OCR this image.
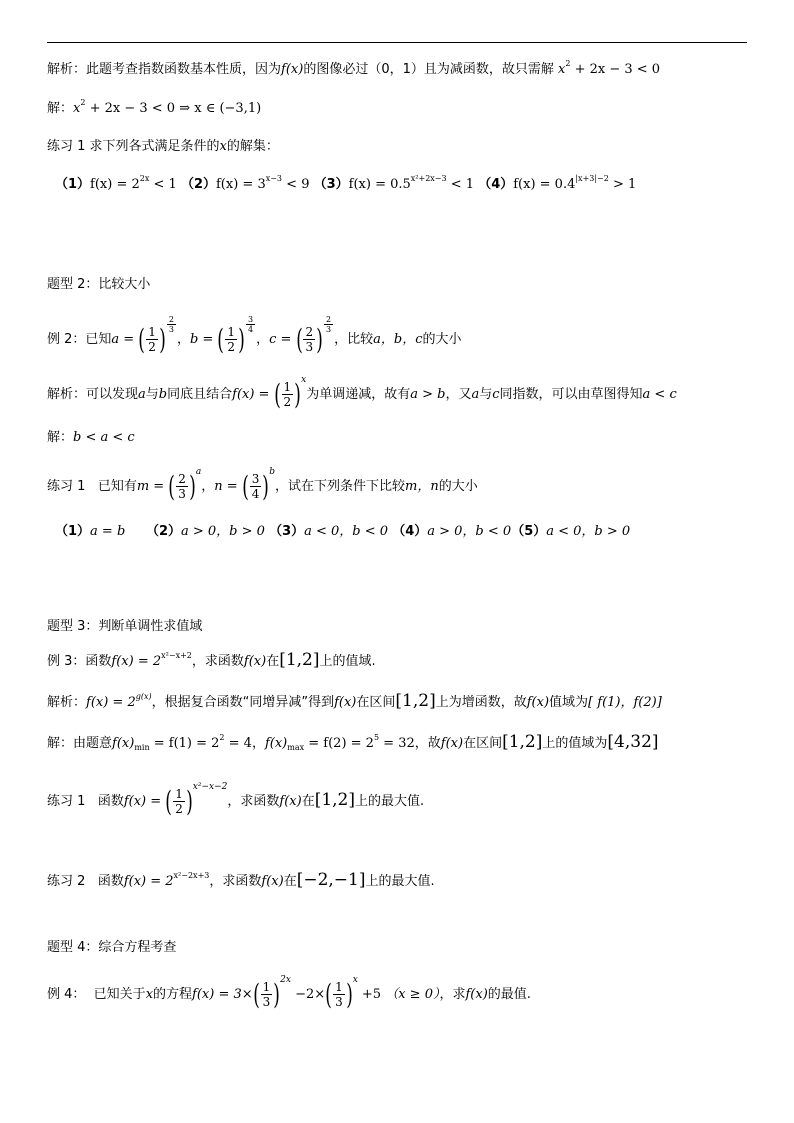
解析：此题考查指数函数基本性质，因为f(x)的图像必过（0，1）且为减函数，故只需解 $x^2 + 2x - 3 < 0$
解：$x^2 + 2x - 3 < 0$ ⇒ x ∈ (−3,1)
练习 1 求下列各式满足条件的x的解集：
$(1)f(x) = 2^{2x} < 1$ $(2)f(x) = 3^{x-3} < 9$ $(3)f(x) = 0.5^{x^2+2x-3} < 1$ $(4)f(x) = 0.4^{|x+3|-2} > 1$
题型 2：比较大小
例 2：已知a = ( $\frac{1}{2}$ ) $\frac{2}{3}$
，b = ( $\frac{1}{2}$ ) $\frac{3}{4}$
，c = ( $\frac{2}{3}$ ) $\frac{2}{3}$
，比较a，b，c的大小
解析：可以发现a与b同底且结合f(x) = ( $\frac{1}{2} )x$为单调递减，故有a > b，又a与c同指数，可以由草图得知a < c
解：b < a < c
练习 1 已知有m = ( $\frac{2}{3} )a$，n = ( $\frac{3}{4} )b$，试在下列条件下比较m，n的大小
（1）a = b （2）a > 0，b > 0 （3）a < 0，b < 0 （4）a > 0，b < 0（5）a < 0，b > 0
题型 3：判断单调性求值域
例 3：函数$f(x) = 2^{x^2-x+2}$，求函数f(x)在[1,2]上的值域.
解析：$f(x) = 2^{g(x)}$，根据复合函数“同增异减”得到f(x)在区间[1,2]上为增函数，故f(x)值域为[ f(1)，f(2)]
解：由题意$f(x)_{min} = f(1) = 2^2 = 4$，$f(x)_{max} = f(2) = 2^5 = 32$，故f(x)在区间[1,2]上的值域为[4,32]
练习 1 函数f(x) = ( $\frac{1}{2} )x^2-x-2$，求函数f(x)在[1,2]上的最大值.
练习 2 函数$f(x) = 2^{x^2-2x+3}$，求函数f(x)在[−2,−1]上的最大值.
题型 4：综合方程考查
例 4： 已知关于x的方程$f(x) = 3\times( \frac{1}{3} )2x -2\times( \frac{1}{3} )x +5$ （x ≥ 0），求f(x)的最值.
